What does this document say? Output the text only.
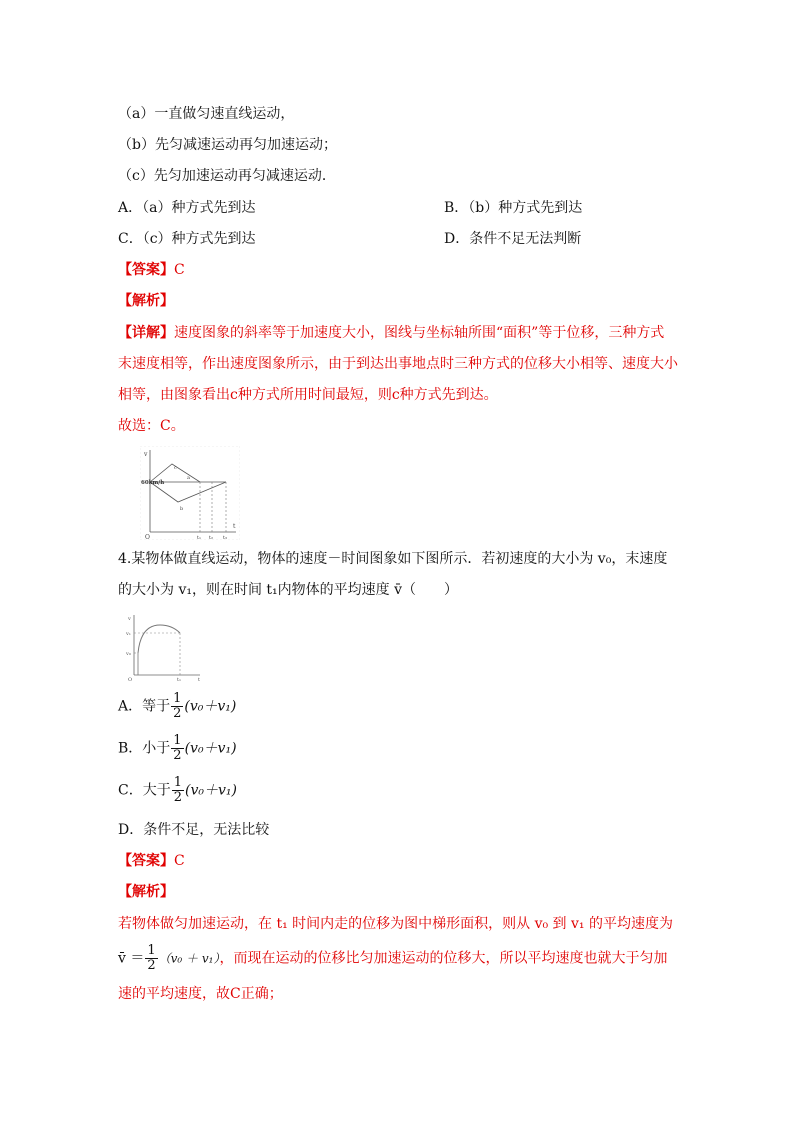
（a）一直做匀速直线运动，
（b）先匀减速运动再匀加速运动；
（c）先匀加速运动再匀减速运动．
A．（a）种方式先到达	B．（b）种方式先到达
C．（c）种方式先到达	D．条件不足无法判断
【答案】C
【解析】
【详解】速度图象的斜率等于加速度大小，图线与坐标轴所围“面积”等于位移，三种方式
末速度相等，作出速度图象所示，由于到达出事地点时三种方式的位移大小相等、速度大小
相等，由图象看出c种方式所用时间最短，则c种方式先到达。
故选：C。
v
t
O
60km/h
c
a
b
t₁ t₂ t₃
4.某物体做直线运动，物体的速度－时间图象如下图所示．若初速度的大小为 v₀，末速度
的大小为 v₁，则在时间 t₁内物体的平均速度 v̄（　　）
v
t
O
v₁
v₀
t₁
A．等于 $\frac{1}{2} (v_0+v_1)$
B．小于 $\frac{1}{2} (v_0+v_1)$
C．大于 $\frac{1}{2} (v_0+v_1)$
D．条件不足，无法比较
【答案】C
【解析】
若物体做匀加速运动，在 t₁ 时间内走的位移为图中梯形面积，则从 v₀ 到 v₁ 的平均速度为
v̄ ＝ $\frac{1}{2} (v_0 + v_1)$，而现在运动的位移比匀加速运动的位移大，所以平均速度也就大于匀加
速的平均速度，故C正确；
